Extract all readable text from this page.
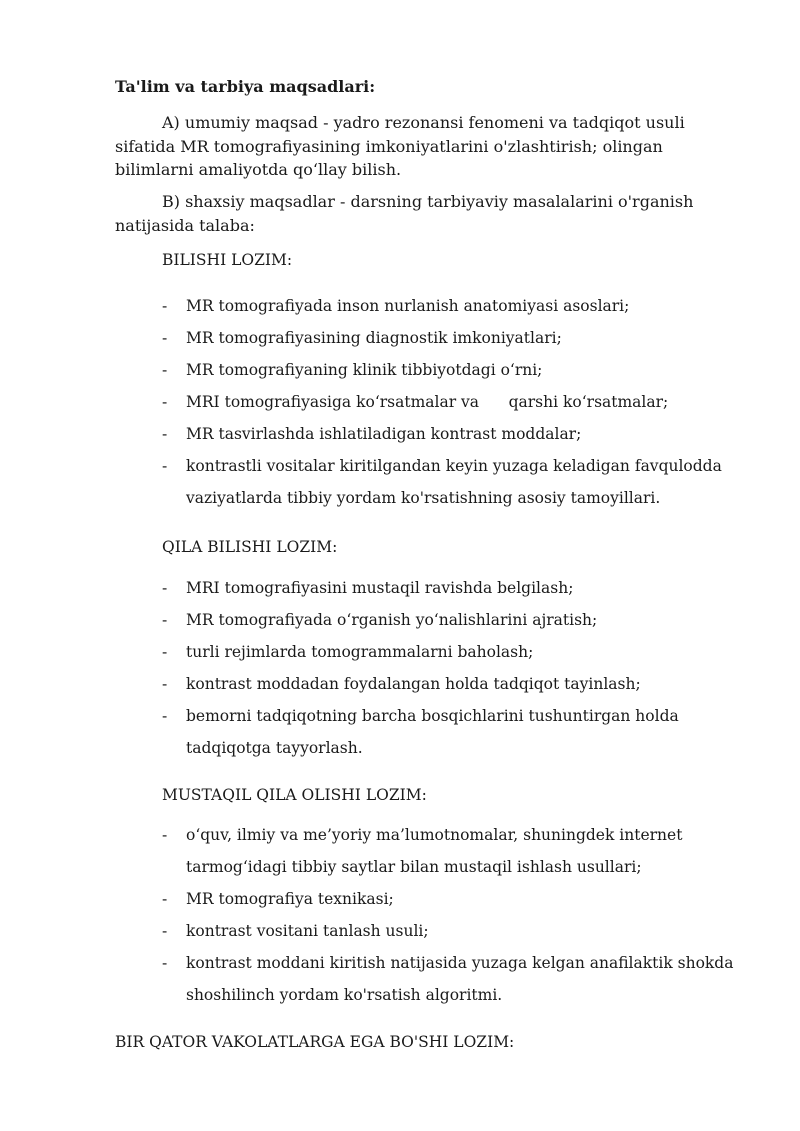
Ta'lim va tarbiya maqsadlari:
A) umumiy maqsad - yadro rezonansi fenomeni va tadqiqot usuli sifatida MR tomografiyasining imkoniyatlarini o'zlashtirish; olingan bilimlarni amaliyotda qo‘llay bilish.
B) shaxsiy maqsadlar - darsning tarbiyaviy masalalarini o'rganish natijasida talaba:
BILISHI LOZIM:
-	MR tomografiyada inson nurlanish anatomiyasi asoslari;
-	MR tomografiyasining diagnostik imkoniyatlari;
-	MR tomografiyaning klinik tibbiyotdagi o‘rni;
-	MRI tomografiyasiga ko‘rsatmalar va      qarshi ko‘rsatmalar;
-	MR tasvirlashda ishlatiladigan kontrast moddalar;
-	kontrastli vositalar kiritilgandan keyin yuzaga keladigan favqulodda vaziyatlarda tibbiy yordam ko'rsatishning asosiy tamoyillari.
QILA BILISHI LOZIM:
-	MRI tomografiyasini mustaqil ravishda belgilash;
-	MR tomografiyada o‘rganish yo‘nalishlarini ajratish;
-	turli rejimlarda tomogrammalarni baholash;
-	kontrast moddadan foydalangan holda tadqiqot tayinlash;
-	bemorni tadqiqotning barcha bosqichlarini tushuntirgan holda tadqiqotga tayyorlash.
MUSTAQIL QILA OLISHI LOZIM:
-	o‘quv, ilmiy va me’yoriy ma’lumotnomalar, shuningdek internet tarmog‘idagi tibbiy saytlar bilan mustaqil ishlash usullari;
-	MR tomografiya texnikasi;
-	kontrast vositani tanlash usuli;
-	kontrast moddani kiritish natijasida yuzaga kelgan anafilaktik shokda shoshilinch yordam ko'rsatish algoritmi.
BIR QATOR VAKOLATLARGA EGA BO'SHI LOZIM:
